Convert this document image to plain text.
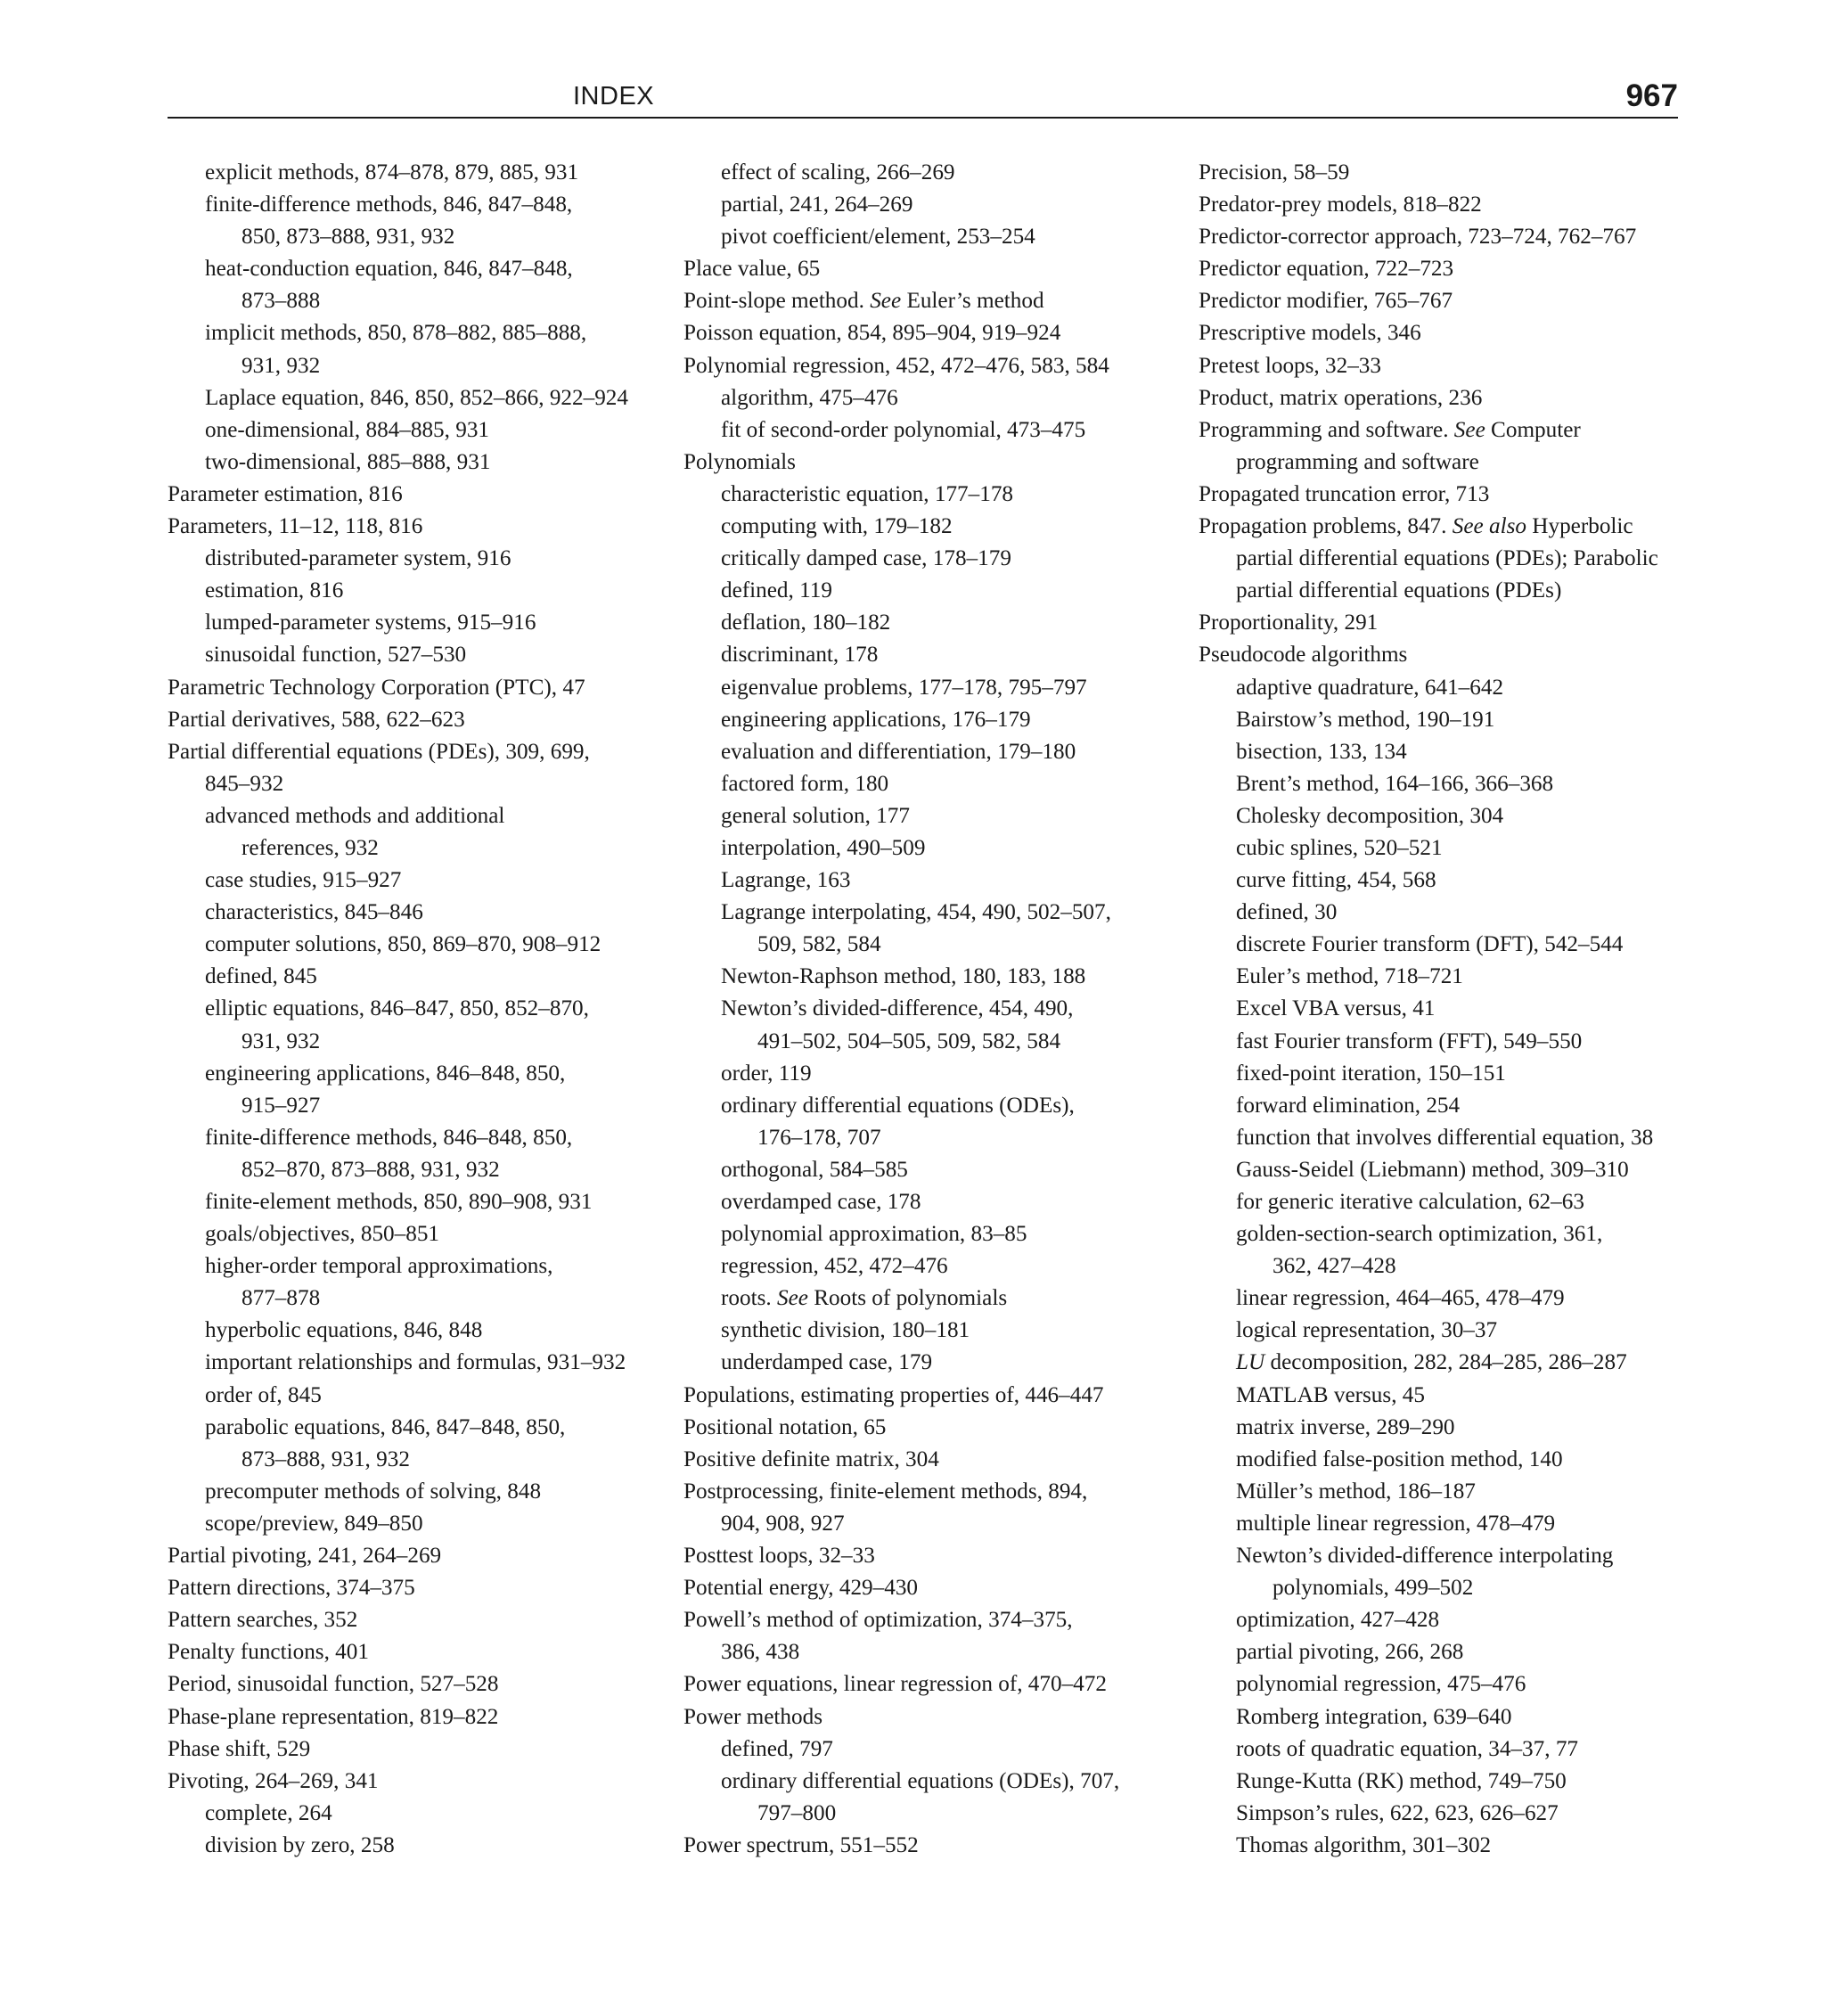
INDEX	967

explicit methods, 874–878, 879, 885, 931

finite-difference methods, 846, 847–848,

850, 873–888, 931, 932

heat-conduction equation, 846, 847–848,

873–888

implicit methods, 850, 878–882, 885–888,

931, 932

Laplace equation, 846, 850, 852–866, 922–924

one-dimensional, 884–885, 931

two-dimensional, 885–888, 931

Parameter estimation, 816

Parameters, 11–12, 118, 816

distributed-parameter system, 916

estimation, 816

lumped-parameter systems, 915–916

sinusoidal function, 527–530

Parametric Technology Corporation (PTC), 47

Partial derivatives, 588, 622–623

Partial differential equations (PDEs), 309, 699,

845–932

advanced methods and additional

references, 932

case studies, 915–927

characteristics, 845–846

computer solutions, 850, 869–870, 908–912

defined, 845

elliptic equations, 846–847, 850, 852–870,

931, 932

engineering applications, 846–848, 850,

915–927

finite-difference methods, 846–848, 850,

852–870, 873–888, 931, 932

finite-element methods, 850, 890–908, 931

goals/objectives, 850–851

higher-order temporal approximations,

877–878

hyperbolic equations, 846, 848

important relationships and formulas, 931–932

order of, 845

parabolic equations, 846, 847–848, 850,

873–888, 931, 932

precomputer methods of solving, 848

scope/preview, 849–850

Partial pivoting, 241, 264–269

Pattern directions, 374–375

Pattern searches, 352

Penalty functions, 401

Period, sinusoidal function, 527–528

Phase-plane representation, 819–822

Phase shift, 529

Pivoting, 264–269, 341

complete, 264

division by zero, 258

effect of scaling, 266–269

partial, 241, 264–269

pivot coefficient/element, 253–254

Place value, 65

Point-slope method. See Euler’s method

Poisson equation, 854, 895–904, 919–924

Polynomial regression, 452, 472–476, 583, 584

algorithm, 475–476

fit of second-order polynomial, 473–475

Polynomials

characteristic equation, 177–178

computing with, 179–182

critically damped case, 178–179

defined, 119

deflation, 180–182

discriminant, 178

eigenvalue problems, 177–178, 795–797

engineering applications, 176–179

evaluation and differentiation, 179–180

factored form, 180

general solution, 177

interpolation, 490–509

Lagrange, 163

Lagrange interpolating, 454, 490, 502–507,

509, 582, 584

Newton-Raphson method, 180, 183, 188

Newton’s divided-difference, 454, 490,

491–502, 504–505, 509, 582, 584

order, 119

ordinary differential equations (ODEs),

176–178, 707

orthogonal, 584–585

overdamped case, 178

polynomial approximation, 83–85

regression, 452, 472–476

roots. See Roots of polynomials

synthetic division, 180–181

underdamped case, 179

Populations, estimating properties of, 446–447

Positional notation, 65

Positive definite matrix, 304

Postprocessing, finite-element methods, 894,

904, 908, 927

Posttest loops, 32–33

Potential energy, 429–430

Powell’s method of optimization, 374–375,

386, 438

Power equations, linear regression of, 470–472

Power methods

defined, 797

ordinary differential equations (ODEs), 707,

797–800

Power spectrum, 551–552

Precision, 58–59

Predator-prey models, 818–822

Predictor-corrector approach, 723–724, 762–767

Predictor equation, 722–723

Predictor modifier, 765–767

Prescriptive models, 346

Pretest loops, 32–33

Product, matrix operations, 236

Programming and software. See Computer

programming and software

Propagated truncation error, 713

Propagation problems, 847. See also Hyperbolic

partial differential equations (PDEs); Parabolic

partial differential equations (PDEs)

Proportionality, 291

Pseudocode algorithms

adaptive quadrature, 641–642

Bairstow’s method, 190–191

bisection, 133, 134

Brent’s method, 164–166, 366–368

Cholesky decomposition, 304

cubic splines, 520–521

curve fitting, 454, 568

defined, 30

discrete Fourier transform (DFT), 542–544

Euler’s method, 718–721

Excel VBA versus, 41

fast Fourier transform (FFT), 549–550

fixed-point iteration, 150–151

forward elimination, 254

function that involves differential equation, 38

Gauss-Seidel (Liebmann) method, 309–310

for generic iterative calculation, 62–63

golden-section-search optimization, 361,

362, 427–428

linear regression, 464–465, 478–479

logical representation, 30–37

LU decomposition, 282, 284–285, 286–287

MATLAB versus, 45

matrix inverse, 289–290

modified false-position method, 140

Müller’s method, 186–187

multiple linear regression, 478–479

Newton’s divided-difference interpolating

polynomials, 499–502

optimization, 427–428

partial pivoting, 266, 268

polynomial regression, 475–476

Romberg integration, 639–640

roots of quadratic equation, 34–37, 77

Runge-Kutta (RK) method, 749–750

Simpson’s rules, 622, 623, 626–627

Thomas algorithm, 301–302
